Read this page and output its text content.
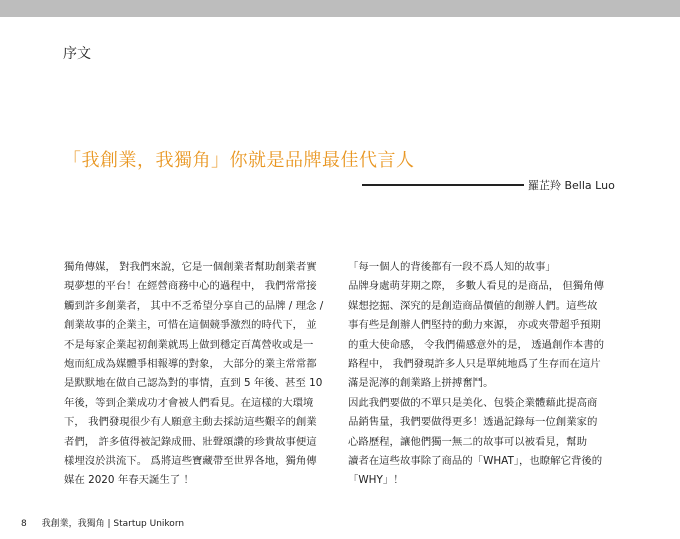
序文
「我創業，我獨角」你就是品牌最佳代言人
羅芷羚 Bella Luo
獨角傳媒， 對我們來說，它是一個創業者幫助創業者實
現夢想的平台！在經營商務中心的過程中， 我們常常接
觸到許多創業者， 其中不乏希望分享自己的品牌 / 理念 /
創業故事的企業主，可惜在這個競爭激烈的時代下， 並
不是每家企業起初創業就馬上做到穩定百萬營收或是一
炮而紅成為媒體爭相報導的對象， 大部分的業主常常都
是默默地在做自己認為對的事情，直到 5 年後、甚至 10
年後，等到企業成功才會被人們看見。在這樣的大環境
下， 我們發現很少有人願意主動去採訪這些艱辛的創業
者們， 許多值得被記錄成冊、壯聲頌讚的珍貴故事便這
樣埋沒於洪流下。 爲將這些寶藏帶至世界各地，獨角傳
媒在 2020 年春天誕生了 ！
「每一個人的背後都有一段不爲人知的故事」
品牌身處萌芽期之際， 多數人看見的是商品， 但獨角傳
媒想挖掘、深究的是創造商品價値的創辦人們。這些故
事有些是創辦人們堅持的動力來源， 亦或夾帶超乎預期
的重大使命感， 令我們備感意外的是， 透過創作本書的
路程中， 我們發現許多人只是單純地爲了生存而在這片
滿是泥濘的創業路上拼搏奮鬥。
因此我們要做的不單只是美化、包裝企業體藉此提高商
品銷售量，我們要做得更多！透過記錄每一位創業家的
心路歷程，讓他們獨一無二的故事可以被看見，幫助
讀者在這些故事除了商品的「WHAT」，也瞭解它背後的
「WHY」！
8 我創業，我獨角 | Startup Unikorn
